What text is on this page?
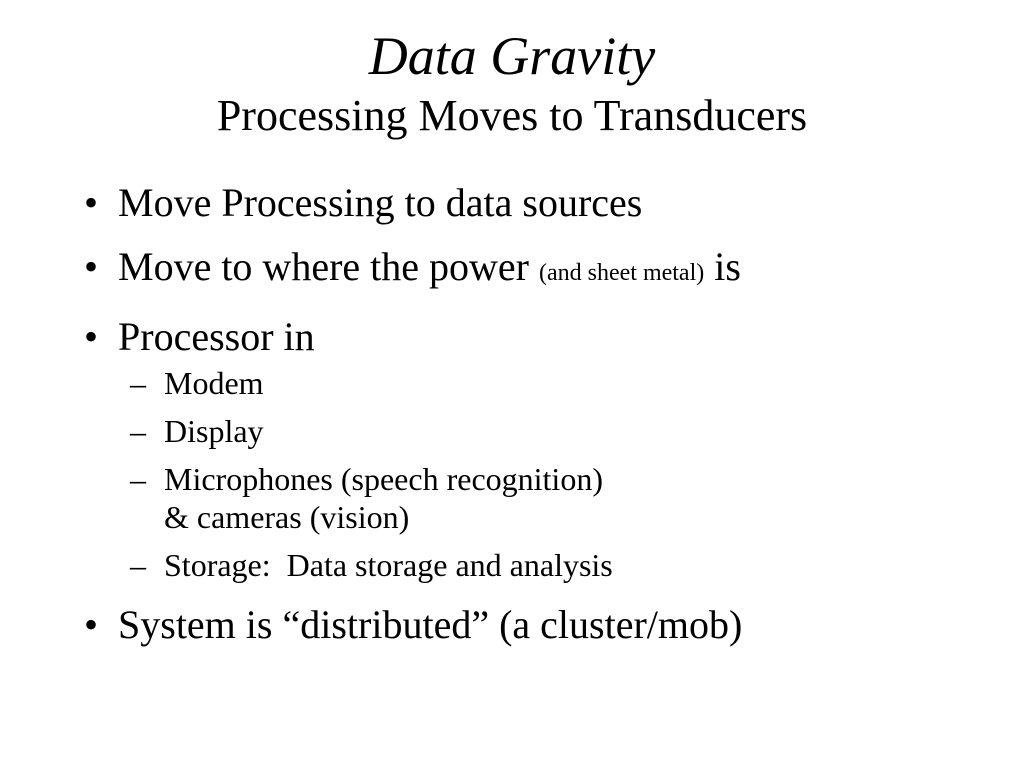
Data Gravity
Processing Moves to Transducers
• Move Processing to data sources
• Move to where the power (and sheet metal) is
• Processor in
– Modem
– Display
– Microphones (speech recognition)
& cameras (vision)
– Storage:  Data storage and analysis
• System is “distributed” (a cluster/mob)
